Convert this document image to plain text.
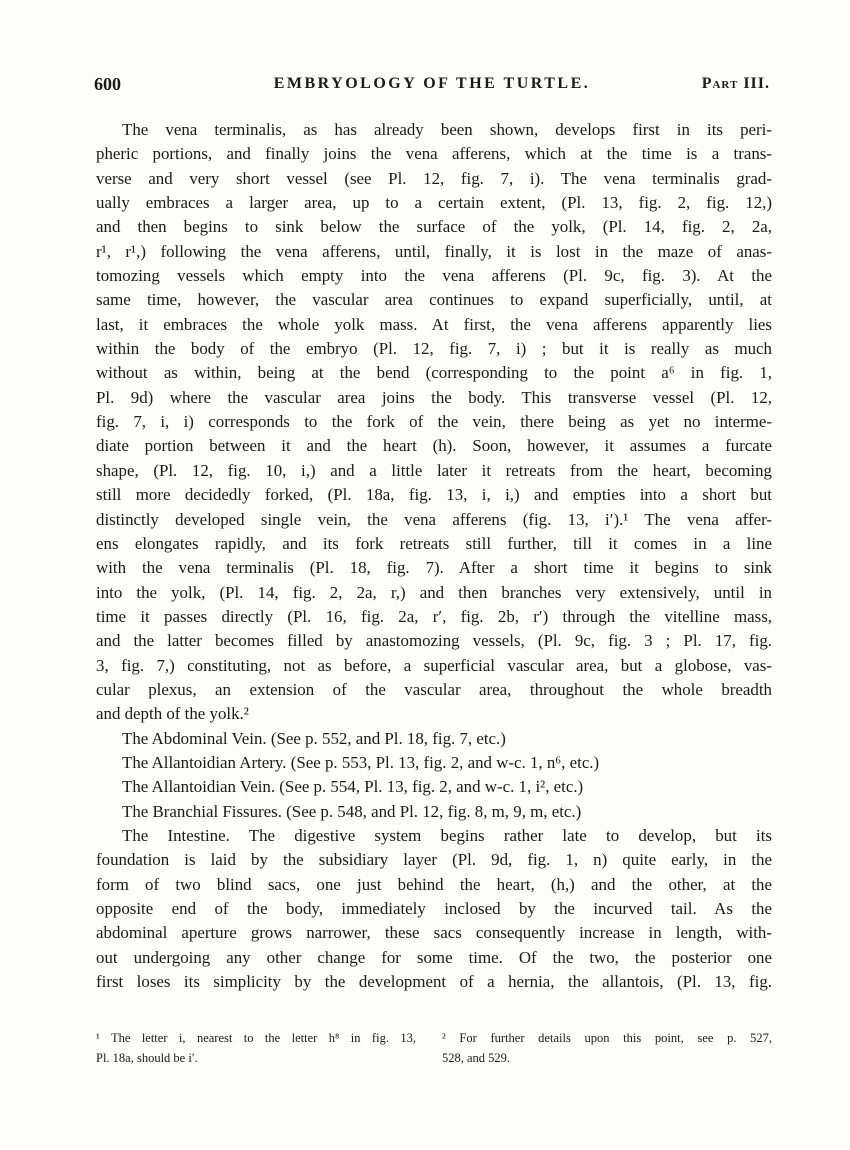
600	EMBRYOLOGY OF THE TURTLE.	Part III.
The vena terminalis, as has already been shown, develops first in its peri-
pheric portions, and finally joins the vena afferens, which at the time is a trans-
verse and very short vessel (see Pl. 12, fig. 7, i). The vena terminalis grad-
ually embraces a larger area, up to a certain extent, (Pl. 13, fig. 2, fig. 12,)
and then begins to sink below the surface of the yolk, (Pl. 14, fig. 2, 2a,
r¹, r¹,) following the vena afferens, until, finally, it is lost in the maze of anas-
tomozing vessels which empty into the vena afferens (Pl. 9c, fig. 3). At the
same time, however, the vascular area continues to expand superficially, until, at
last, it embraces the whole yolk mass. At first, the vena afferens apparently lies
within the body of the embryo (Pl. 12, fig. 7, i) ; but it is really as much
without as within, being at the bend (corresponding to the point a⁶ in fig. 1,
Pl. 9d) where the vascular area joins the body. This transverse vessel (Pl. 12,
fig. 7, i, i) corresponds to the fork of the vein, there being as yet no interme-
diate portion between it and the heart (h). Soon, however, it assumes a furcate
shape, (Pl. 12, fig. 10, i,) and a little later it retreats from the heart, becoming
still more decidedly forked, (Pl. 18a, fig. 13, i, i,) and empties into a short but
distinctly developed single vein, the vena afferens (fig. 13, i′).¹ The vena affer-
ens elongates rapidly, and its fork retreats still further, till it comes in a line
with the vena terminalis (Pl. 18, fig. 7). After a short time it begins to sink
into the yolk, (Pl. 14, fig. 2, 2a, r,) and then branches very extensively, until in
time it passes directly (Pl. 16, fig. 2a, r′, fig. 2b, r′) through the vitelline mass,
and the latter becomes filled by anastomozing vessels, (Pl. 9c, fig. 3 ; Pl. 17, fig.
3, fig. 7,) constituting, not as before, a superficial vascular area, but a globose, vas-
cular plexus, an extension of the vascular area, throughout the whole breadth
and depth of the yolk.²
The Abdominal Vein. (See p. 552, and Pl. 18, fig. 7, etc.)
The Allantoidian Artery. (See p. 553, Pl. 13, fig. 2, and w-c. 1, n⁶, etc.)
The Allantoidian Vein. (See p. 554, Pl. 13, fig. 2, and w-c. 1, i², etc.)
The Branchial Fissures. (See p. 548, and Pl. 12, fig. 8, m, 9, m, etc.)
The Intestine. The digestive system begins rather late to develop, but its
foundation is laid by the subsidiary layer (Pl. 9d, fig. 1, n) quite early, in the
form of two blind sacs, one just behind the heart, (h,) and the other, at the
opposite end of the body, immediately inclosed by the incurved tail. As the
abdominal aperture grows narrower, these sacs consequently increase in length, with-
out undergoing any other change for some time. Of the two, the posterior one
first loses its simplicity by the development of a hernia, the allantois, (Pl. 13, fig.
¹ The letter i, nearest to the letter h⁸ in fig. 13,
Pl. 18a, should be i′.
² For further details upon this point, see p. 527,
528, and 529.
